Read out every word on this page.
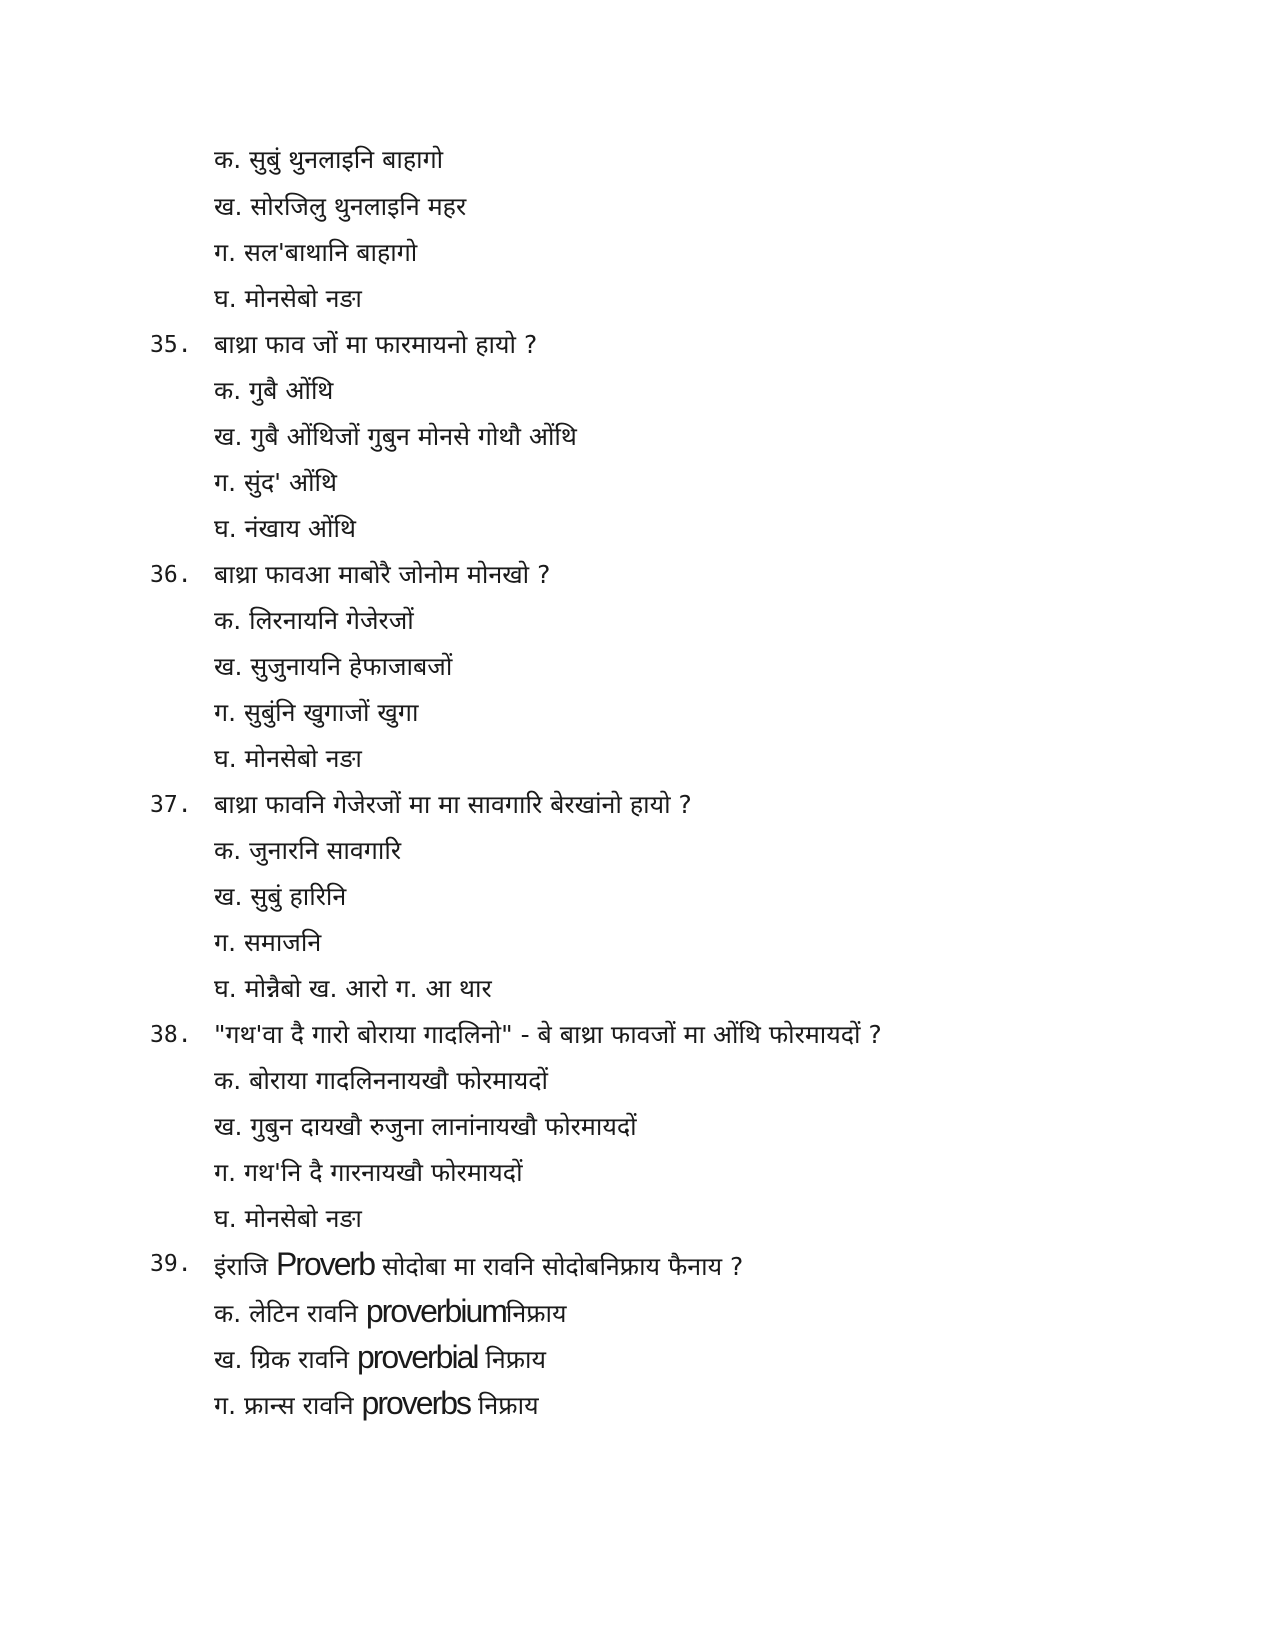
क. सुबुं थुनलाइनि बाहागो
ख. सोरजिलु थुनलाइनि महर
ग. सल'बाथानि बाहागो
घ. मोनसेबो नङा
35. बाथ्रा फाव जों मा फारमायनो हायो ?
क. गुबै ओंथि
ख. गुबै ओंथिजों गुबुन मोनसे गोथौ ओंथि
ग. सुंद' ओंथि
घ. नंखाय ओंथि
36. बाथ्रा फावआ माबोरै जोनोम मोनखो ?
क. लिरनायनि गेजेरजों
ख. सुजुनायनि हेफाजाबजों
ग. सुबुंनि खुगाजों खुगा
घ. मोनसेबो नङा
37. बाथ्रा फावनि गेजेरजों मा मा सावगारि बेरखांनो हायो ?
क. जुनारनि सावगारि
ख. सुबुं हारिनि
ग. समाजनि
घ. मोन्नैबो ख. आरो ग. आ थार
38. "गथ'वा दै गारो बोराया गादलिनो" - बे बाथ्रा फावजों मा ओंथि फोरमायदों ?
क. बोराया गादलिननायखौ फोरमायदों
ख. गुबुन दायखौ रुजुना लानांनायखौ फोरमायदों
ग. गथ'नि दै गारनायखौ फोरमायदों
घ. मोनसेबो नङा
39. इंराजि Proverb सोदोबा मा रावनि सोदोबनिफ्राय फैनाय ?
क. लेटिन रावनि proverbiumनिफ्राय
ख. ग्रिक रावनि proverbial निफ्राय
ग. फ्रान्स रावनि proverbs निफ्राय
